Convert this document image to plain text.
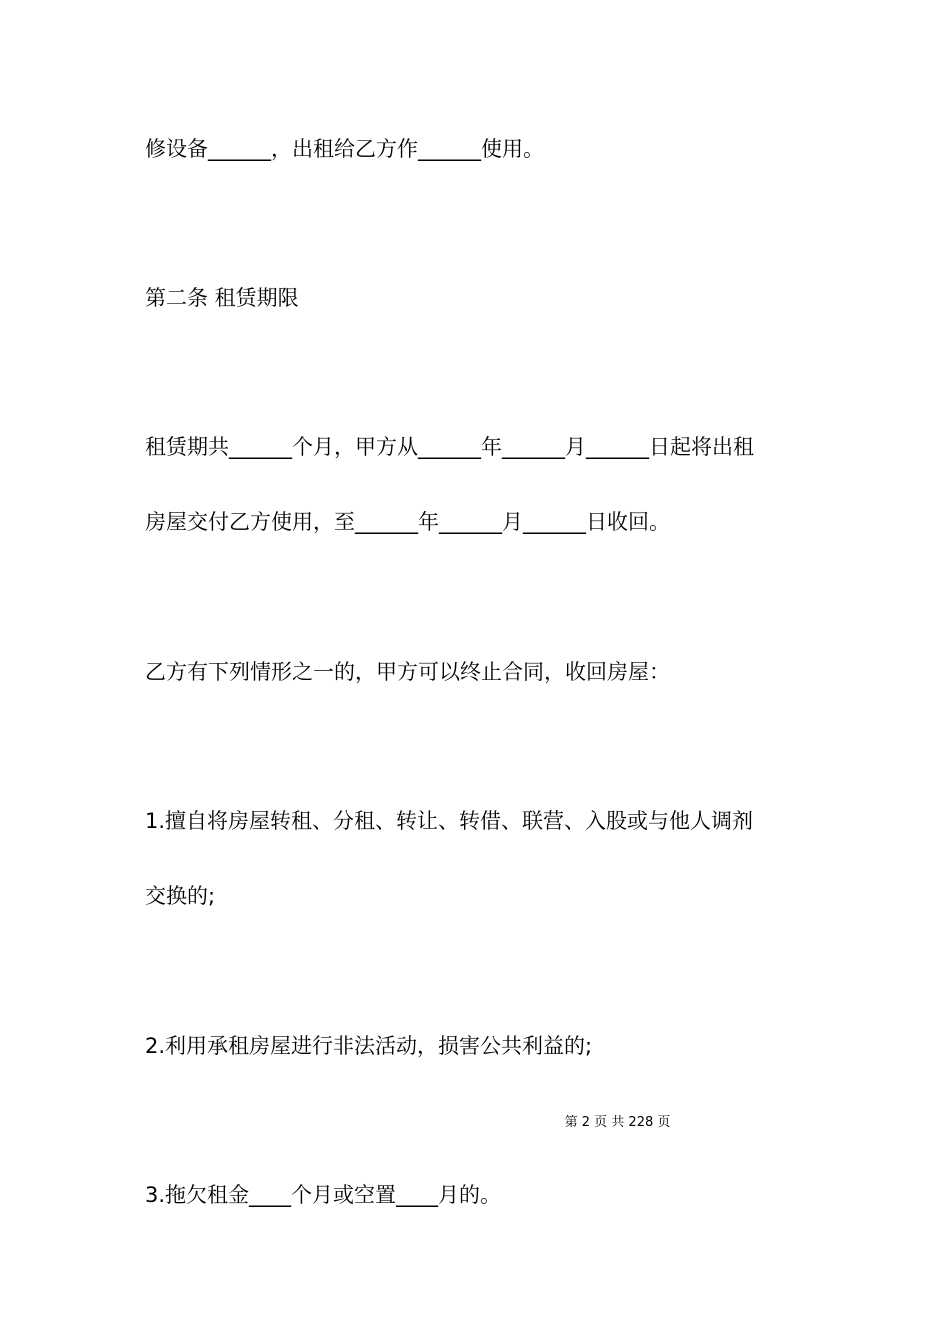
修设备______，出租给乙方作______使用。
第二条 租赁期限
租赁期共______个月，甲方从______年______月______日起将出租
房屋交付乙方使用，至______年______月______日收回。
乙方有下列情形之一的，甲方可以终止合同，收回房屋：
1.擅自将房屋转租、分租、转让、转借、联营、入股或与他人调剂
交换的;
2.利用承租房屋进行非法活动，损害公共利益的;
第 2 页 共 228 页
3.拖欠租金____个月或空置____月的。
